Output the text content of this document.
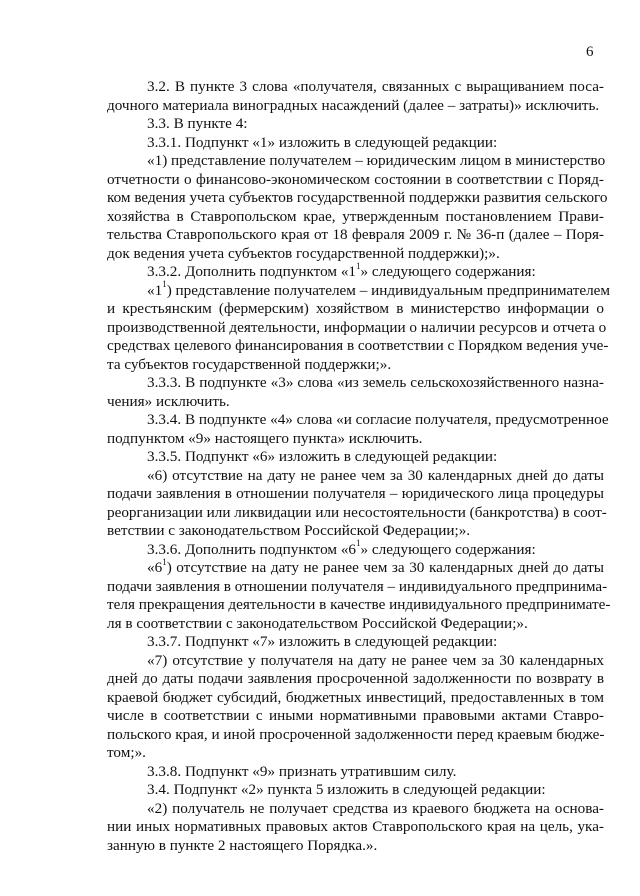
6
3.2. В пункте 3 слова «получателя, связанных с выращиванием поса-
дочного материала виноградных насаждений (далее – затраты)» исключить.
3.3. В пункте 4:
3.3.1. Подпункт «1» изложить в следующей редакции:
«1) представление получателем – юридическим лицом в министерство
отчетности о финансово-экономическом состоянии в соответствии с Поряд-
ком ведения учета субъектов государственной поддержки развития сельского
хозяйства в Ставропольском крае, утвержденным постановлением Прави-
тельства Ставропольского края от 18 февраля 2009 г. № 36-п (далее – Поря-
док ведения учета субъектов государственной поддержки);».
3.3.2. Дополнить подпунктом «$1^1$» следующего содержания:
«$1^1$) представление получателем – индивидуальным предпринимателем
и крестьянским (фермерским) хозяйством в министерство информации о
производственной деятельности, информации о наличии ресурсов и отчета о
средствах целевого финансирования в соответствии с Порядком ведения уче-
та субъектов государственной поддержки;».
3.3.3. В подпункте «3» слова «из земель сельскохозяйственного назна-
чения» исключить.
3.3.4. В подпункте «4» слова «и согласие получателя, предусмотренное
подпунктом «9» настоящего пункта» исключить.
3.3.5. Подпункт «6» изложить в следующей редакции:
«6) отсутствие на дату не ранее чем за 30 календарных дней до даты
подачи заявления в отношении получателя – юридического лица процедуры
реорганизации или ликвидации или несостоятельности (банкротства) в соот-
ветствии с законодательством Российской Федерации;».
3.3.6. Дополнить подпунктом «$6^1$» следующего содержания:
«$6^1$) отсутствие на дату не ранее чем за 30 календарных дней до даты
подачи заявления в отношении получателя – индивидуального предпринима-
теля прекращения деятельности в качестве индивидуального предпринимате-
ля в соответствии с законодательством Российской Федерации;».
3.3.7. Подпункт «7» изложить в следующей редакции:
«7) отсутствие у получателя на дату не ранее чем за 30 календарных
дней до даты подачи заявления просроченной задолженности по возврату в
краевой бюджет субсидий, бюджетных инвестиций, предоставленных в том
числе в соответствии с иными нормативными правовыми актами Ставро-
польского края, и иной просроченной задолженности перед краевым бюдже-
том;».
3.3.8. Подпункт «9» признать утратившим силу.
3.4. Подпункт «2» пункта 5 изложить в следующей редакции:
«2) получатель не получает средства из краевого бюджета на основа-
нии иных нормативных правовых актов Ставропольского края на цель, ука-
занную в пункте 2 настоящего Порядка.».
